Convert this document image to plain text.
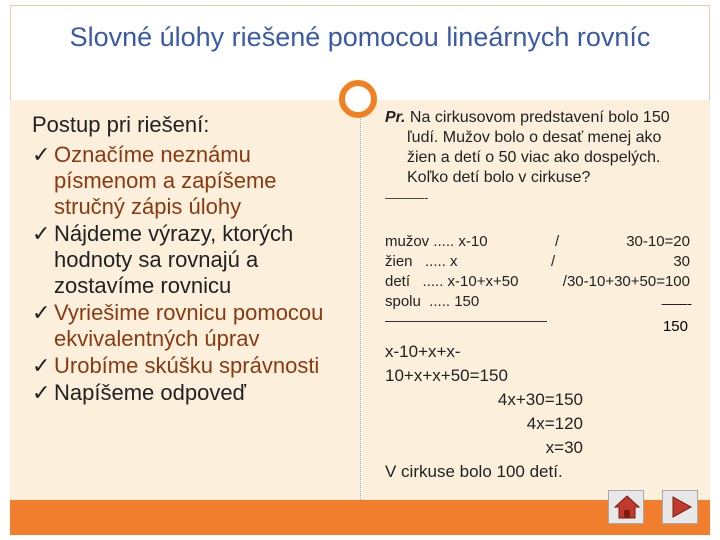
Slovné úlohy riešené pomocou lineárnych rovníc
Postup pri riešení:
✓ Označíme neznámu písmenom a zapíšeme stručný zápis úlohy
✓ Nájdeme výrazy, ktorých hodnoty sa rovnajú a zostavíme rovnicu
✓ Vyriešime rovnicu pomocou ekvivalentných úprav
✓ Urobíme skúšku správnosti
✓ Napíšeme odpoveď
Pr. Na cirkusovom predstavení bolo 150 ľudí. Mužov bolo o desať menej ako žien a detí o 50 viac ako dospelých. Koľko detí bolo v cirkuse?
———-
mužov ..... x-10	/	30-10=20
žien   ..... x	/	30
detí   ..... x-10+x+50	/30-10+30+50=100
spolu  ..... 150	——-
150
x-10+x+x-10+x+x+50=150
4x+30=150
4x=120
x=30
V cirkuse bolo 100 detí.
